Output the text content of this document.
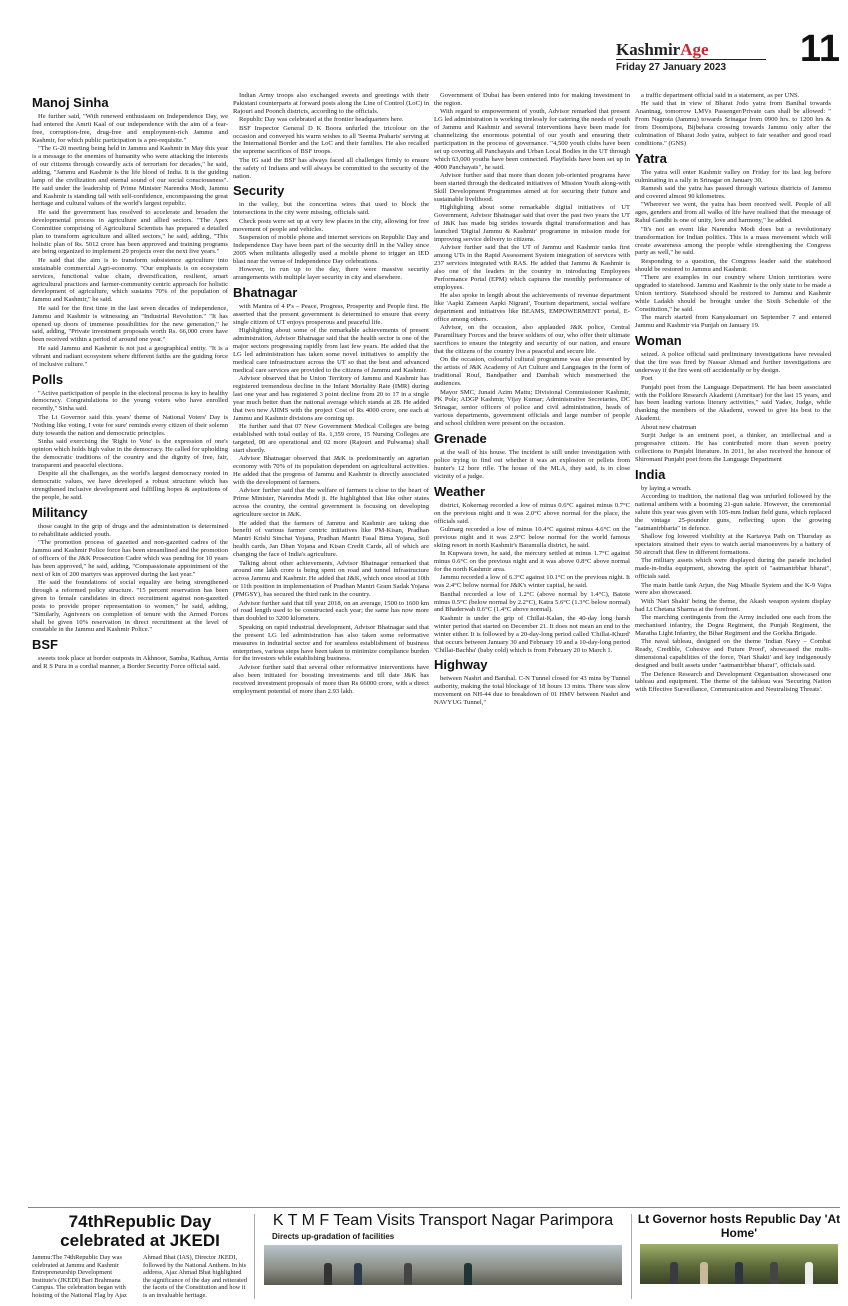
KashmirAge
Friday 27 January 2023 11
Manoj Sinha

He further said, "With renewed enthusiasm on Independence Day, we had entered the Amrit Kaal of our independence with the aim of a fear-free, corruption-free, drug-free and employment-rich Jammu and Kashmir, for which public participation is a pre-requisite."

"The G-20 meeting being held in Jammu and Kashmir in May this year is a message to the enemies of humanity who were attacking the interests of our citizens through cowardly acts of terrorism for decades," he said, adding, "Jammu and Kashmir is the life blood of India. It is the guiding lamp of the civilization and eternal sound of our social consciousness". He said under the leadership of Prime Minister Narendra Modi, Jammu and Kashmir is standing tall with self-confidence, encompassing the great heritage and cultural values of the world's largest republic.

He said the government has resolved to accelerate and broaden the developmental process in agriculture and allied sectors. "The Apex Committee comprising of Agricultural Scientists has prepared a detailed plan to transform agriculture and allied sectors," he said, adding, "This holistic plan of Rs. 5012 crore has been approved and training programs are being organized to implement 29 projects over the next five years."

He said that the aim is to transform subsistence agriculture into sustainable commercial Agri-economy. "Our emphasis is on ecosystem services, functional value chain, diversification, resilient, smart agricultural practices and farmer-community centric approach for holistic development of agriculture, which sustains 70% of the population of Jammu and Kashmir," he said.

He said for the first time in the last seven decades of independence, Jammu and Kashmir is witnessing an "Industrial Revolution." "It has opened up doors of immense possibilities for the new generation," he said, adding, "Private investment proposals worth Rs. 66,000 crore have been received within a period of around one year."

He said Jammu and Kashmir is not just a geographical entity. "It is a vibrant and radiant ecosystem where different faiths are the guiding force of inclusive culture."

Polls

"Active participation of people in the electoral process is key to healthy democracy. Congratulations to the young voters who have enrolled recently," Sinha said.

The Lt Governor said this years' theme of National Voters' Day is 'Nothing like voting, I vote for sure' reminds every citizen of their solemn duty towards the nation and democratic principles.

Sinha said exercising the 'Right to Vote' is the expression of one's opinion which holds high value in the democracy. He called for upholding the democratic traditions of the country and the dignity of free, fair, transparent and peaceful elections.

Despite all the challenges, as the world's largest democracy rooted in democratic values, we have developed a robust structure which has strengthened inclusive development and fulfilling hopes & aspirations of the people, he said.

Militancy

those caught in the grip of drugs and the administration is determined to rehabilitate addicted youth.

"The promotion process of gazetted and non-gazetted cadres of the Jammu and Kashmir Police force has been streamlined and the promotion of officers of the J&K Prosecution Cadre which was pending for 10 years has been approved," he said, adding, "Compassionate appointment of the next of kin of 200 martyrs was approved during the last year."

He said the foundations of social equality are being strengthened through a reformed policy structure. "15 percent reservation has been given to female candidates in direct recruitment against non-gazetted posts to provide proper representation to women," he said, adding, "Similarly, Agniveers on completion of tenure with the Armed Forces shall be given 10% reservation in direct recruitment at the level of constable in the Jammu and Kashmir Police."

BSF

sweets took place at border outposts in Akhnoor, Samba, Kathua, Arnia and R S Pura in a cordial manner, a Border Security Force official said.

Indian Army troops also exchanged sweets and greetings with their Pakistani counterparts at forward posts along the Line of Control (LoC) in Rajouri and Poonch districts, according to the officials.

Republic Day was celebrated at the frontier headquarters here.

BSF Inspector General D K Boora unfurled the tricolour on the occasion and conveyed his warm wishes to all 'Seema Praharis' serving at the International Border and the LoC and their families. He also recalled the supreme sacrifices of BSF troops.

The IG said the BSF has always faced all challenges firmly to ensure the safety of Indians and will always be committed to the security of the nation.

Security

in the valley, but the concertina wires that used to block the intersections in the city were missing, officials said.

Check posts were set up at very few places in the city, allowing for free movement of people and vehicles.

Suspension of mobile phone and internet services on Republic Day and Independence Day have been part of the security drill in the Valley since 2005 when militants allegedly used a mobile phone to trigger an IED blast near the venue of Independence Day celebrations.

However, in run up to the day, there were massive security arrangements with multiple layer security in city and elsewhere.

Bhatnagar

with Mantra of 4 P's – Peace, Progress, Prosperity and People first. He asserted that the present government is determined to ensure that every single citizen of UT enjoys prosperous and peaceful life.

Highlighting about some of the remarkable achievements of present administration, Advisor Bhatnagar said that the health sector is one of the major sectors progressing rapidly from last few years. He added that the LG led administration has taken some novel initiatives to amplify the medical care infrastructure across the UT so that the best and advanced medical care services are provided to the citizens of Jammu and Kashmir.

Advisor observed that he Union Territory of Jammu and Kashmir has registered tremendous decline in the Infant Mortality Rate (IMR) during last one year and has registered 3 point decline from 20 to 17 in a single year much better than the national average which stands at 28. He added that two new AIIMS with the project Cost of Rs 4000 crore, one each at Jammu and Kashmir divisions are coming up.

He further said that 07 New Government Medical Colleges are being established with total outlay of Rs. 1,359 crore, 15 Nursing Colleges are targeted, 08 are operational and 02 more (Rajouri and Pulwama) shall start shortly.

Advisor Bhatnagar observed that J&K is predominantly an agrarian economy with 70% of its population dependent on agricultural activities. He added that the progress of Jammu and Kashmir is directly associated with the development of farmers.

Advisor further said that the welfare of farmers is close to the heart of Prime Minister, Narendra Modi ji. He highlighted that like other states across the country, the central government is focusing on developing agriculture sector in J&K.

He added that the farmers of Jammu and Kashmir are taking due benefit of various farmer centric initiatives like PM-Kisan, Pradhan Mantri Krishi Sinchai Yojana, Pradhan Mantri Fasal Bima Yojana, Soil health cards, Jan Dhan Yojana and Kisan Credit Cards, all of which are changing the face of India's agriculture.

Talking about other achievements, Advisor Bhatnagar remarked that around one lakh crore is being spent on road and tunnel infrastructure across Jammu and Kashmir. He added that J&K, which once stood at 10th or 11th position in implementation of Pradhan Mantri Gram Sadak Yojana (PMGSY), has secured the third rank in the country.

Advisor further said that till year 2018, on an average, 1500 to 1600 km of road length used to be constructed each year; the same has now more than doubled to 3200 kilometers.

Speaking on rapid industrial development, Advisor Bhatnagar said that the present LG led administration has also taken some reformative measures in industrial sector and for seamless establishment of business enterprises, various steps have been taken to minimize compliance burden for the investors while establishing business.

Advisor further said that several other reformative interventions have also been initiated for boosting investments and till date J&K has received investment proposals of more than Rs 66000 crore, with a direct employment potential of more than 2.93 lakh.

Government of Dubai has been entered into for making investment in the region.

With regard to empowerment of youth, Advisor remarked that present LG led administration is working tirelessly for catering the needs of youth of Jammu and Kashmir and several interventions have been made for channelizing the enormous potential of our youth and ensuring their participation in the process of governance. "4,500 youth clubs have been set up covering all Panchayats and Urban Local Bodies in the UT through which 63,000 youths have been connected. Playfields have been set up in 4000 Panchayats", he said.

Advisor further said that more than dozen job-oriented programs have been started through the dedicated initiatives of Mission Youth along-with Skill Development Programmes aimed at for securing their future and sustainable livelihood.

Highlighting about some remarkable digital initiatives of UT Government, Advisor Bhatnagar said that over the past two years the UT of J&K has made big strides towards digital transformation and has launched 'Digital Jammu & Kashmir' programme in mission mode for improving service delivery to citizens.

Advisor further said that the UT of Jammu and Kashmir ranks first among UTs in the Rapid Assessment System integration of services with 237 services integrated with RAS. He added that Jammu & Kashmir is also one of the leaders in the country in introducing Employees Performance Portal (EPM) which captures the monthly performance of employees.

He also spoke in length about the achievements of revenue department like 'Aapki Zameen Aapki Nigrani', Tourism department, social welfare department and initiatives like BEAMS, EMPOWERMENT portal, E-office among others.

Advisor, on the occasion, also applauded J&K police, Central Paramilitary Forces and the brave soldiers of our, who offer their ultimate sacrifices to ensure the integrity and security of our nation, and ensure that the citizens of the country live a peaceful and secure life.

On the occasion, colourful cultural programme was also presented by the artists of J&K Academy of Art Culture and Languages in the form of traditional Rouf, Bandpather and Dambali which mesmerised the audiences.

Mayor SMC, Junaid Azim Mattu; Divisional Commissioner Kashmir, PK Pole; ADGP Kashmir, Vijay Kumar; Administrative Secretaries, DC Srinagar, senior officers of police and civil administration, heads of various departments, government officials and large number of people and school children were present on the occasion.

Grenade

at the wall of his house. The incident is still under investigation with police trying to find out whether it was an explosion or pellets from hunter's 12 bore rifle. The house of the MLA, they said, is in close vicinity of a judge.

Weather

district, Kokernag recorded a low of minus 0.6°C against minus 0.7°C on the previous night and it was 2.0°C above normal for the place, the officials said.

Gulmarg recorded a low of minus 10.4°C against minus 4.6°C on the previous night and it was 2.9°C below normal for the world famous skiing resort in north Kashmir's Baramulla district, he said.

In Kupwara town, he said, the mercury settled at minus 1.7°C against minus 0.6°C on the previous night and it was above 0.8°C above normal for the north Kashmir area.

Jammu recorded a low of 6.3°C against 10.1°C on the previous night. It was 2.4°C below normal for J&K's winter capital, he said.

Banihal recorded a low of 1.2°C (above normal by 1.4°C), Batote minus 0.5°C (below normal by 2.2°C), Katra 5.6°C (1.3°C below normal) and Bhaderwah 0.6°C (1.4°C above normal).

Kashmir is under the grip of Chillai-Kalan, the 40-day long harsh winter period that started on December 21. It does not mean an end to the winter either. It is followed by a 20-day-long period called 'Chillai-Khurd' that occurs between January 30 and February 19 and a 10-day-long period 'Chillai-Bachha' (baby cold) which is from February 20 to March 1.

Highway

between Nashri and Banihal. C-N Tunnel closed for 43 mins by Tunnel authority, making the total blockage of 18 hours 13 mins. There was slow movement on NH-44 due to breakdown of 01 HMV between Nashri and NAVYUG Tunnel,"

a traffic department official said in a statement, as per UNS.

He said that in view of Bharat Jodo yatra from Banihal towards Anantnag, tomorrow LMVs Passenger/Private cars shall be allowed: " From Nagrota (Jammu) towards Srinagar from 0900 hrs. to 1200 hrs & from Doomipora, Bijbehara crossing towards Jammu only after the culmination of Bharat Jodo yatra, subject to fair weather and good road conditions." (GNS)

Yatra

The yatra will enter Kashmir valley on Friday for its last leg before culminating in a rally in Srinagar on January 30.

Ramesh said the yatra has passed through various districts of Jammu and covered almost 90 kilometres.

"Wherever we went, the yatra has been received well. People of all ages, genders and from all walks of life have realised that the message of Rahul Gandhi is one of unity, love and harmony," he added.

"It's not an event like Narendra Modi does but a revolutionary transformation for Indian politics. This is a mass movement which will create awareness among the people while strengthening the Congress party as well," he said.

Responding to a question, the Congress leader said the statehood should be restored to Jammu and Kashmir.

"There are examples in our country where Union territories were upgraded to statehood. Jammu and Kashmir is the only state to be made a Union territory. Statehood should be restored to Jammu and Kashmir while Ladakh should be brought under the Sixth Schedule of the Constitution," he said.

The march started from Kanyakumari on September 7 and entered Jammu and Kashmir via Punjab on January 19.

Woman

seized. A police official said preliminary investigations have revealed that the fire was fired by Nassar Ahmad and further investigations are underway if the fire went off accidentally or by design.

Poet

Punjabi poet from the Language Department. He has been associated with the Folklore Research Akademi (Amritsar) for the last 15 years, and has been leading various literary activities," said Yadav, Judge, while thanking the members of the Akademi, vowed to give his best to the Akademi.

About new chairman

Surjit Judge is an eminent poet, a thinker, an intellectual and a progressive citizen. He has contributed more than seven poetry collections to Punjabi literature. In 2011, he also received the honour of Shiromani Punjabi poet from the Language Department

India

by laying a wreath.

According to tradition, the national flag was unfurled followed by the national anthem with a booming 21-gun salute. However, the ceremonial salute this year was given with 105-mm Indian field guns, which replaced the vintage 25-pounder guns, reflecting upon the growing "aatmanirbharta" in defence.

Shallow fog lowered visibility at the Kartavya Path on Thursday as spectators strained their eyes to watch aerial manoeuvres by a battery of 50 aircraft that flew in different formations.

The military assets which were displayed during the parade included made-in-India equipment, showing the spirit of "aatmanirbhar bharat", officials said.

The main battle tank Arjun, the Nag Missile System and the K-9 Vajra were also showcased.

With 'Nari Shakti' being the theme, the Akash weapon system display had Lt Chetana Sharma at the forefront.

The marching contingents from the Army included one each from the mechanised infantry, the Dogra Regiment, the Punjab Regiment, the Maratha Light Infantry, the Bihar Regiment and the Gorkha Brigade.

The naval tableau, designed on the theme 'Indian Navy – Combat Ready, Credible, Cohesive and Future Proof', showcased the multi-dimensional capabilities of the force, 'Nari Shakti' and key indigenously designed and built assets under "aatmanirbhar bharat", officials said.

The Defence Research and Development Organisation showcased one tableau and equipment. The theme of the tableau was 'Securing Nation with Effective Surveillance, Communication and Neutralising Threats'.

74thRepublic Day celebrated at JKEDI
Jammu:The 74thRepublic Day was celebrated at Jammu and Kashmir Entrepreneurship Development Institute's (JKEDI) Bari Brahmana Campus. The celebration began with hoisting of the National Flag by Ajaz Ahmad Bhat (IAS), Director JKEDI, followed by the National Anthem. In his address, Ajaz Ahmad Bhat highlighted the significance of the day and reiterated the facets of the Constitution and how it is an invaluable heritage.
K T M F Team Visits Transport Nagar Parimpora
Directs up-gradation of facilities
Lt Governor hosts Republic Day 'At Home'
